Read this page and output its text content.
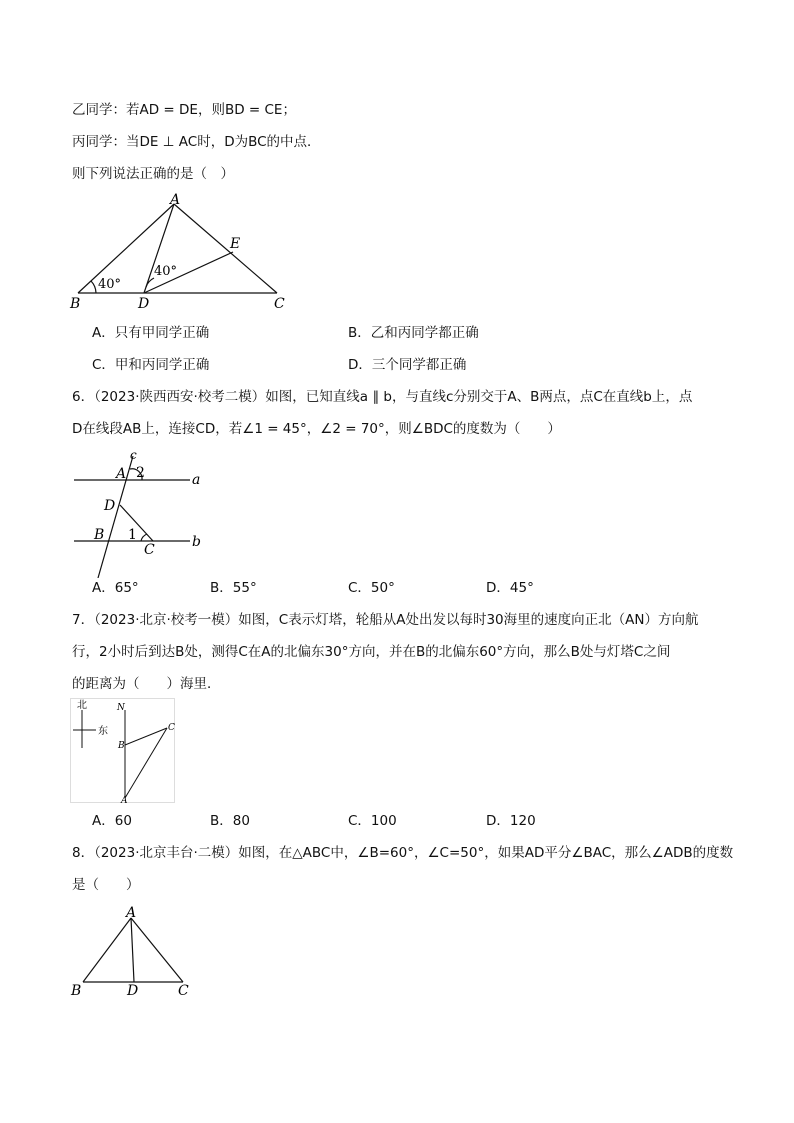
乙同学：若AD = DE，则BD = CE；
丙同学：当DE ⊥ AC时，D为BC的中点．
则下列说法正确的是（　）
A
B	C
D
E
40°
40°
A．只有甲同学正确	B．乙和丙同学都正确
C．甲和丙同学正确	D．三个同学都正确
6．（2023·陕西西安·校考二模）如图，已知直线a ∥ b，与直线c分别交于A、B两点，点C在直线b上，点
D在线段AB上，连接CD，若∠1 = 45°，∠2 = 70°，则∠BDC的度数为（　　）
c
A 2	a
D
B 1	b
C
A．65°	B．55°	C．50°	D．45°
7．（2023·北京·校考一模）如图，C表示灯塔，轮船从A处出发以每时30海里的速度向正北（AN）方向航
行，2小时后到达B处，测得C在A的北偏东30°方向，并在B的北偏东60°方向，那么B处与灯塔C之间
的距离为（　　）海里．
北
东
N
B
C
A
A．60	B．80	C．100	D．120
8．（2023·北京丰台·二模）如图，在△ABC中，∠B=60°，∠C=50°，如果AD平分∠BAC，那么∠ADB的度数
是（　　）
A
B	D	C
